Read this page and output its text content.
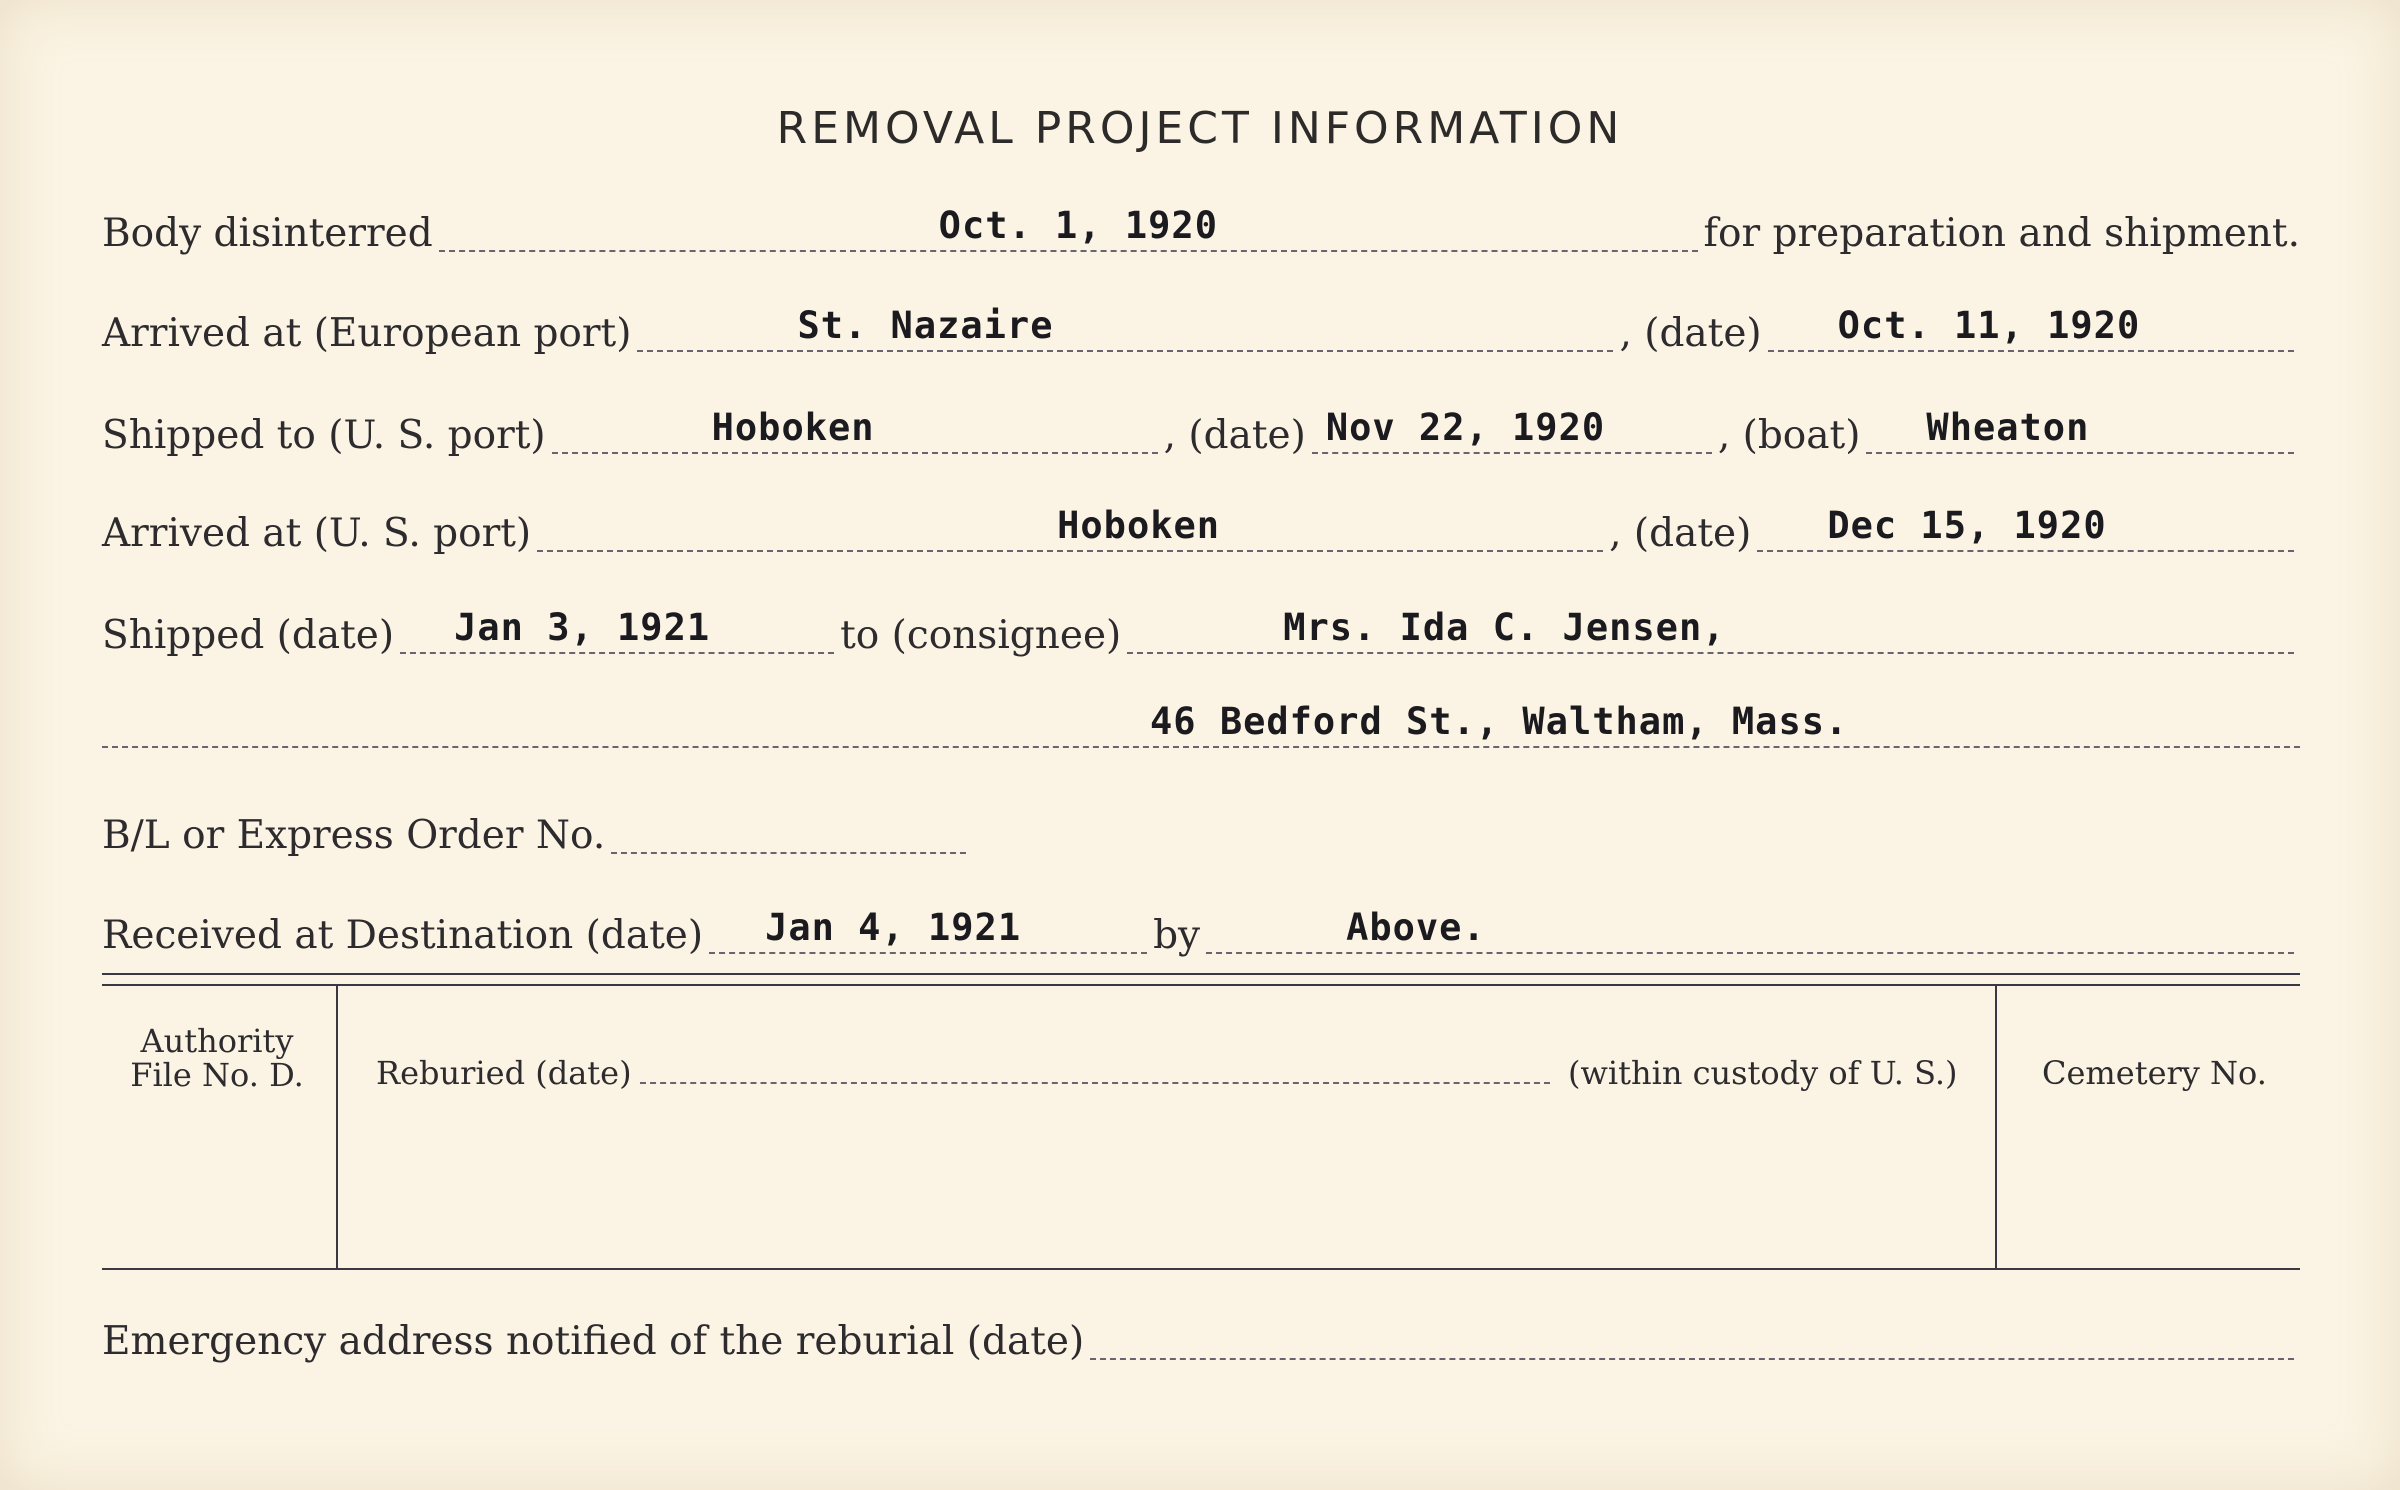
REMOVAL PROJECT INFORMATION
Body disinterred	Oct. 1, 1920	for preparation and shipment.
Arrived at (European port)	St. Nazaire	, (date) Oct. 11, 1920
Shipped to (U. S. port)	Hoboken	, (date) Nov 22, 1920	, (boat) Wheaton
Arrived at (U. S. port)	Hoboken	, (date) Dec 15, 1920
Shipped (date) Jan 3, 1921	to (consignee)	Mrs. Ida C. Jensen,
46 Bedford St., Waltham, Mass.
B/L or Express Order No.
Received at Destination (date) Jan 4, 1921	by	Above.
Authority
File No. D.	Reburied (date)	(within custody of U. S.)	Cemetery No.
Emergency address notified of the reburial (date)
